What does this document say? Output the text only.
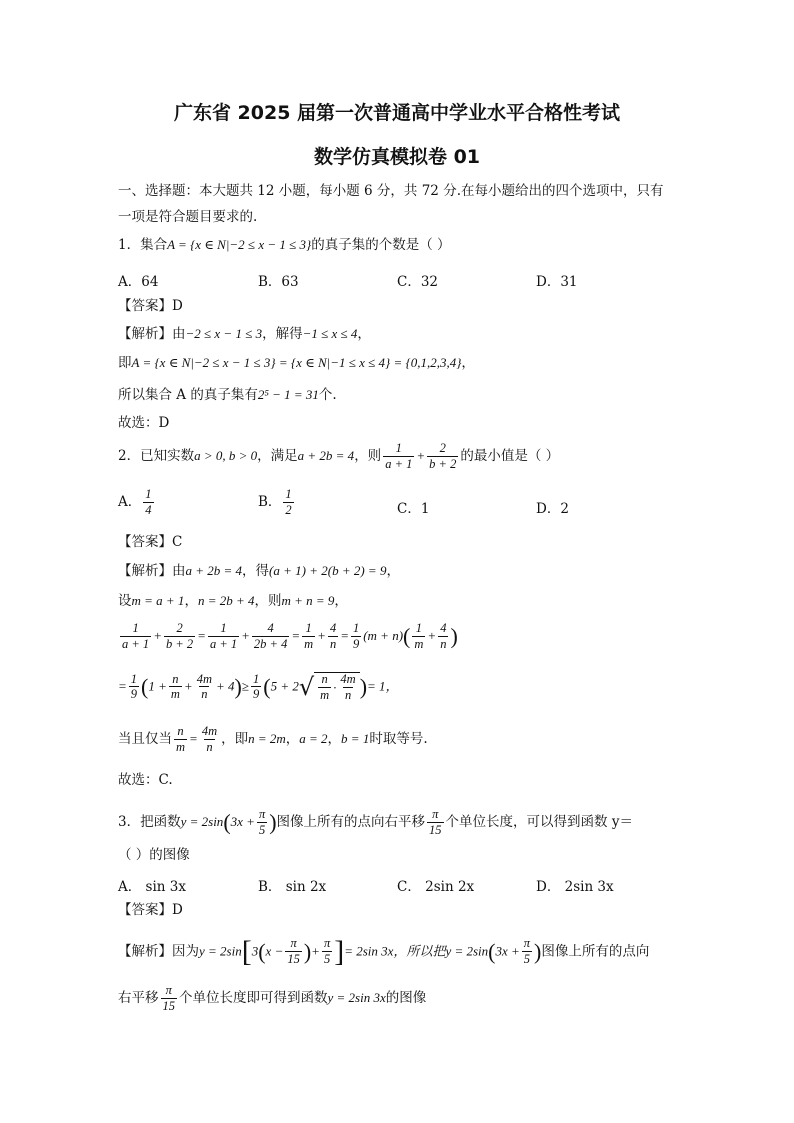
广东省 2025 届第一次普通高中学业水平合格性考试
数学仿真模拟卷 01
一、选择题：本大题共 12 小题，每小题 6 分，共 72 分.在每小题给出的四个选项中，只有
一项是符合题目要求的.
1．集合A = {x ∈ N|−2 ≤ x − 1 ≤ 3}的真子集的个数是（ ）
A．64	B．63	C．32	D．31
【答案】D
【解析】由−2 ≤ x − 1 ≤ 3，解得−1 ≤ x ≤ 4，
即A = {x ∈ N|−2 ≤ x − 1 ≤ 3} = {x ∈ N|−1 ≤ x ≤ 4} = {0,1,2,3,4}，
所以集合 A 的真子集有2⁵ − 1 = 31个.
故选：D
2．已知实数a > 0, b > 0，满足a + 2b = 4，则 $\frac{1}{a + 1} + \frac{2}{b + 2}$ 的最小值是（ ）
A． $\frac{1}{4}$	B． $\frac{1}{2}$	C．1	D．2
【答案】C
【解析】由a + 2b = 4，得(a + 1) + 2(b + 2) = 9，
设m = a + 1，n = 2b + 4，则m + n = 9，
$\frac{1}{a + 1} + \frac{2}{b + 2} = \frac{1}{a + 1} + \frac{4}{2b + 4} = \frac{1}{m} + \frac{4}{n} = \frac{1}{9} (m + n)( \frac{1}{m} + \frac{4}{n}$ )
= $\frac{1}{9} (1 + \frac{n}{m} + \frac{4m}{n} + 4)\ge \frac{1}{9} (5 + 2$ √ $\frac{n}{m} \cdot \frac{4m}{n}$ )= 1，
当且仅当 $\frac{n}{m} = \frac{4m}{n}$ ，即n = 2m，a = 2，b = 1时取等号.
故选：C.
3．把函数$y = 2\sin(3x + \frac{\pi}{5}$ )图像上所有的点向右平移 $\frac{\pi}{15}$ 个单位长度，可以得到函数 y＝
（ ）的图像
A． sin 3x	B． sin 2x	C． 2sin 2x	D． 2sin 3x
【答案】D
【解析】因为$y = 2\sin[3(x - \frac{\pi}{15}$ )+ $\frac{\pi}{5}$ ]= 2sin 3x，所以把$y = 2\sin(3x + \frac{\pi}{5}$ )图像上所有的点向
右平移 $\frac{\pi}{15}$ 个单位长度即可得到函数y = 2sin 3x的图像
